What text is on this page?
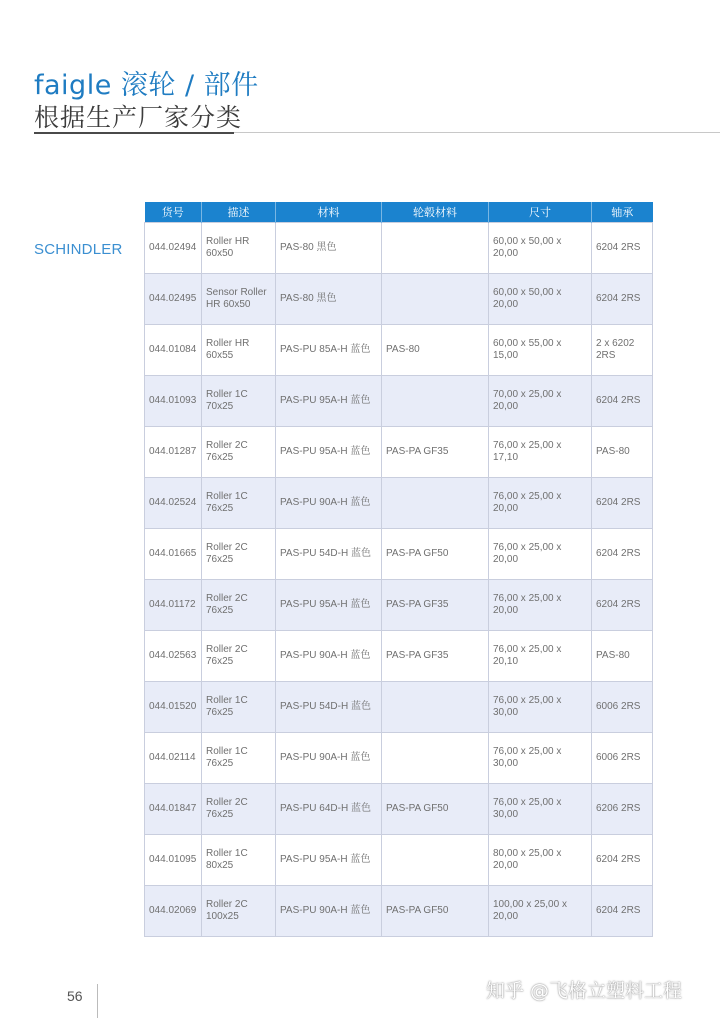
faigle 滚轮 / 部件
根据生产厂家分类
SCHINDLER
货号	描述	材料	轮毂材料	尺寸	轴承
044.02494	Roller HR 60x50	PAS-80 黑色		60,00 x 50,00 x 20,00	6204 2RS
044.02495	Sensor Roller HR 60x50	PAS-80 黑色		60,00 x 50,00 x 20,00	6204 2RS
044.01084	Roller HR 60x55	PAS-PU 85A-H 蓝色	PAS-80	60,00 x 55,00 x 15,00	2 x 6202 2RS
044.01093	Roller 1C 70x25	PAS-PU 95A-H 蓝色		70,00 x 25,00 x 20,00	6204 2RS
044.01287	Roller 2C 76x25	PAS-PU 95A-H 蓝色	PAS-PA GF35	76,00 x 25,00 x 17,10	PAS-80
044.02524	Roller 1C 76x25	PAS-PU 90A-H 蓝色		76,00 x 25,00 x 20,00	6204 2RS
044.01665	Roller 2C 76x25	PAS-PU 54D-H 蓝色	PAS-PA GF50	76,00 x 25,00 x 20,00	6204 2RS
044.01172	Roller 2C 76x25	PAS-PU 95A-H 蓝色	PAS-PA GF35	76,00 x 25,00 x 20,00	6204 2RS
044.02563	Roller 2C 76x25	PAS-PU 90A-H 蓝色	PAS-PA GF35	76,00 x 25,00 x 20,10	PAS-80
044.01520	Roller 1C 76x25	PAS-PU 54D-H 蓝色		76,00 x 25,00 x 30,00	6006 2RS
044.02114	Roller 1C 76x25	PAS-PU 90A-H 蓝色		76,00 x 25,00 x 30,00	6006 2RS
044.01847	Roller 2C 76x25	PAS-PU 64D-H 蓝色	PAS-PA GF50	76,00 x 25,00 x 30,00	6206 2RS
044.01095	Roller 1C 80x25	PAS-PU 95A-H 蓝色		80,00 x 25,00 x 20,00	6204 2RS
044.02069	Roller 2C 100x25	PAS-PU 90A-H 蓝色	PAS-PA GF50	100,00 x 25,00 x 20,00	6204 2RS
56	知乎 @飞格立塑料工程
